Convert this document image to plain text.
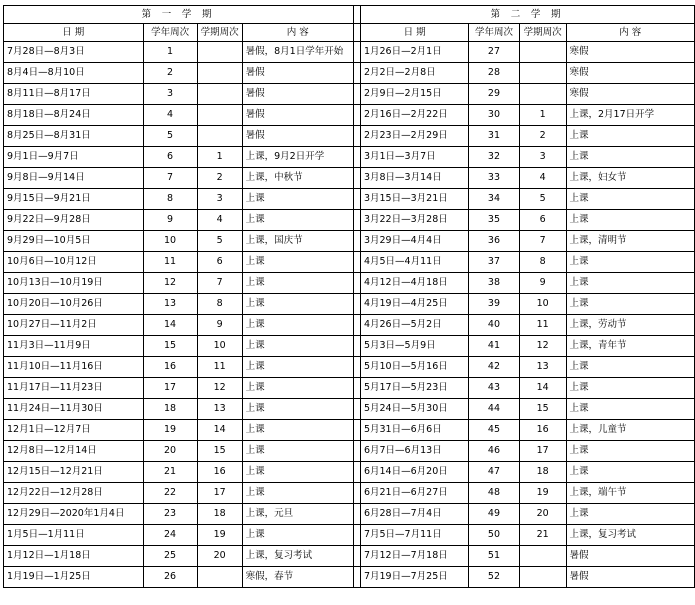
第 一 学 期					第 二 学 期			
日 期	学年周次	学期周次	内 容		日 期	学年周次	学期周次	内 容
7月28日—8月3日	1		暑假，8月1日学年开始		1月26日—2月1日	27		寒假
8月4日—8月10日	2		暑假		2月2日—2月8日	28		寒假
8月11日—8月17日	3		暑假		2月9日—2月15日	29		寒假
8月18日—8月24日	4		暑假		2月16日—2月22日	30	1	上课，2月17日开学
8月25日—8月31日	5		暑假		2月23日—2月29日	31	2	上课
9月1日—9月7日	6	1	上课，9月2日开学		3月1日—3月7日	32	3	上课
9月8日—9月14日	7	2	上课，中秋节		3月8日—3月14日	33	4	上课，妇女节
9月15日—9月21日	8	3	上课		3月15日—3月21日	34	5	上课
9月22日—9月28日	9	4	上课		3月22日—3月28日	35	6	上课
9月29日—10月5日	10	5	上课，国庆节		3月29日—4月4日	36	7	上课，清明节
10月6日—10月12日	11	6	上课		4月5日—4月11日	37	8	上课
10月13日—10月19日	12	7	上课		4月12日—4月18日	38	9	上课
10月20日—10月26日	13	8	上课		4月19日—4月25日	39	10	上课
10月27日—11月2日	14	9	上课		4月26日—5月2日	40	11	上课，劳动节
11月3日—11月9日	15	10	上课		5月3日—5月9日	41	12	上课，青年节
11月10日—11月16日	16	11	上课		5月10日—5月16日	42	13	上课
11月17日—11月23日	17	12	上课		5月17日—5月23日	43	14	上课
11月24日—11月30日	18	13	上课		5月24日—5月30日	44	15	上课
12月1日—12月7日	19	14	上课		5月31日—6月6日	45	16	上课，儿童节
12月8日—12月14日	20	15	上课		6月7日—6月13日	46	17	上课
12月15日—12月21日	21	16	上课		6月14日—6月20日	47	18	上课
12月22日—12月28日	22	17	上课		6月21日—6月27日	48	19	上课，端午节
12月29日—2020年1月4日	23	18	上课，元旦		6月28日—7月4日	49	20	上课
1月5日—1月11日	24	19	上课		7月5日—7月11日	50	21	上课，复习考试
1月12日—1月18日	25	20	上课，复习考试		7月12日—7月18日	51		暑假
1月19日—1月25日	26		寒假，春节		7月19日—7月25日	52		暑假
